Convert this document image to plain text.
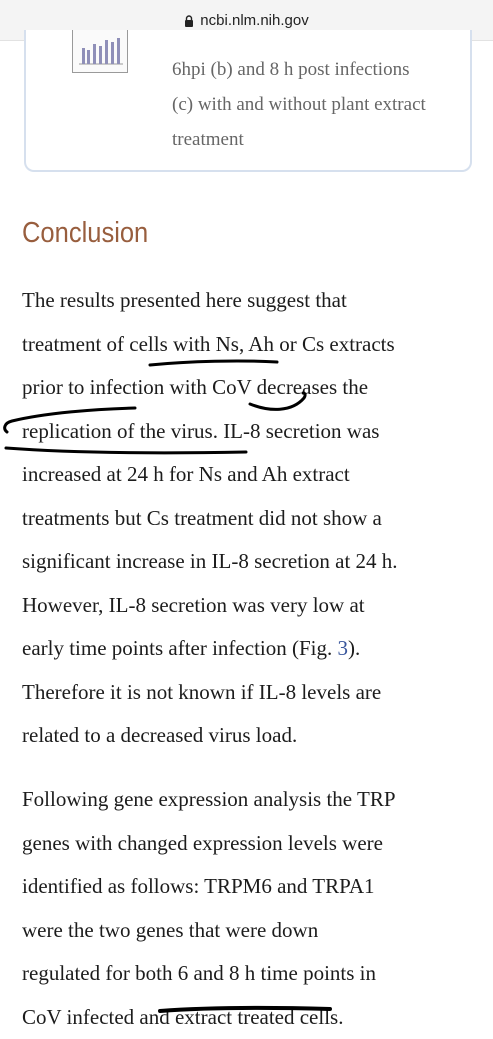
ncbi.nlm.nih.gov
6hpi (b) and 8 h post infections
(c) with and without plant extract
treatment
Conclusion
The results presented here suggest that
treatment of cells with Ns, Ah or Cs extracts
prior to infection with CoV decreases the
replication of the virus. IL-8 secretion was
increased at 24 h for Ns and Ah extract
treatments but Cs treatment did not show a
significant increase in IL-8 secretion at 24 h.
However, IL-8 secretion was very low at
early time points after infection (Fig. 3).
Therefore it is not known if IL-8 levels are
related to a decreased virus load.
Following gene expression analysis the TRP
genes with changed expression levels were
identified as follows: TRPM6 and TRPA1
were the two genes that were down
regulated for both 6 and 8 h time points in
CoV infected and extract treated cells.
